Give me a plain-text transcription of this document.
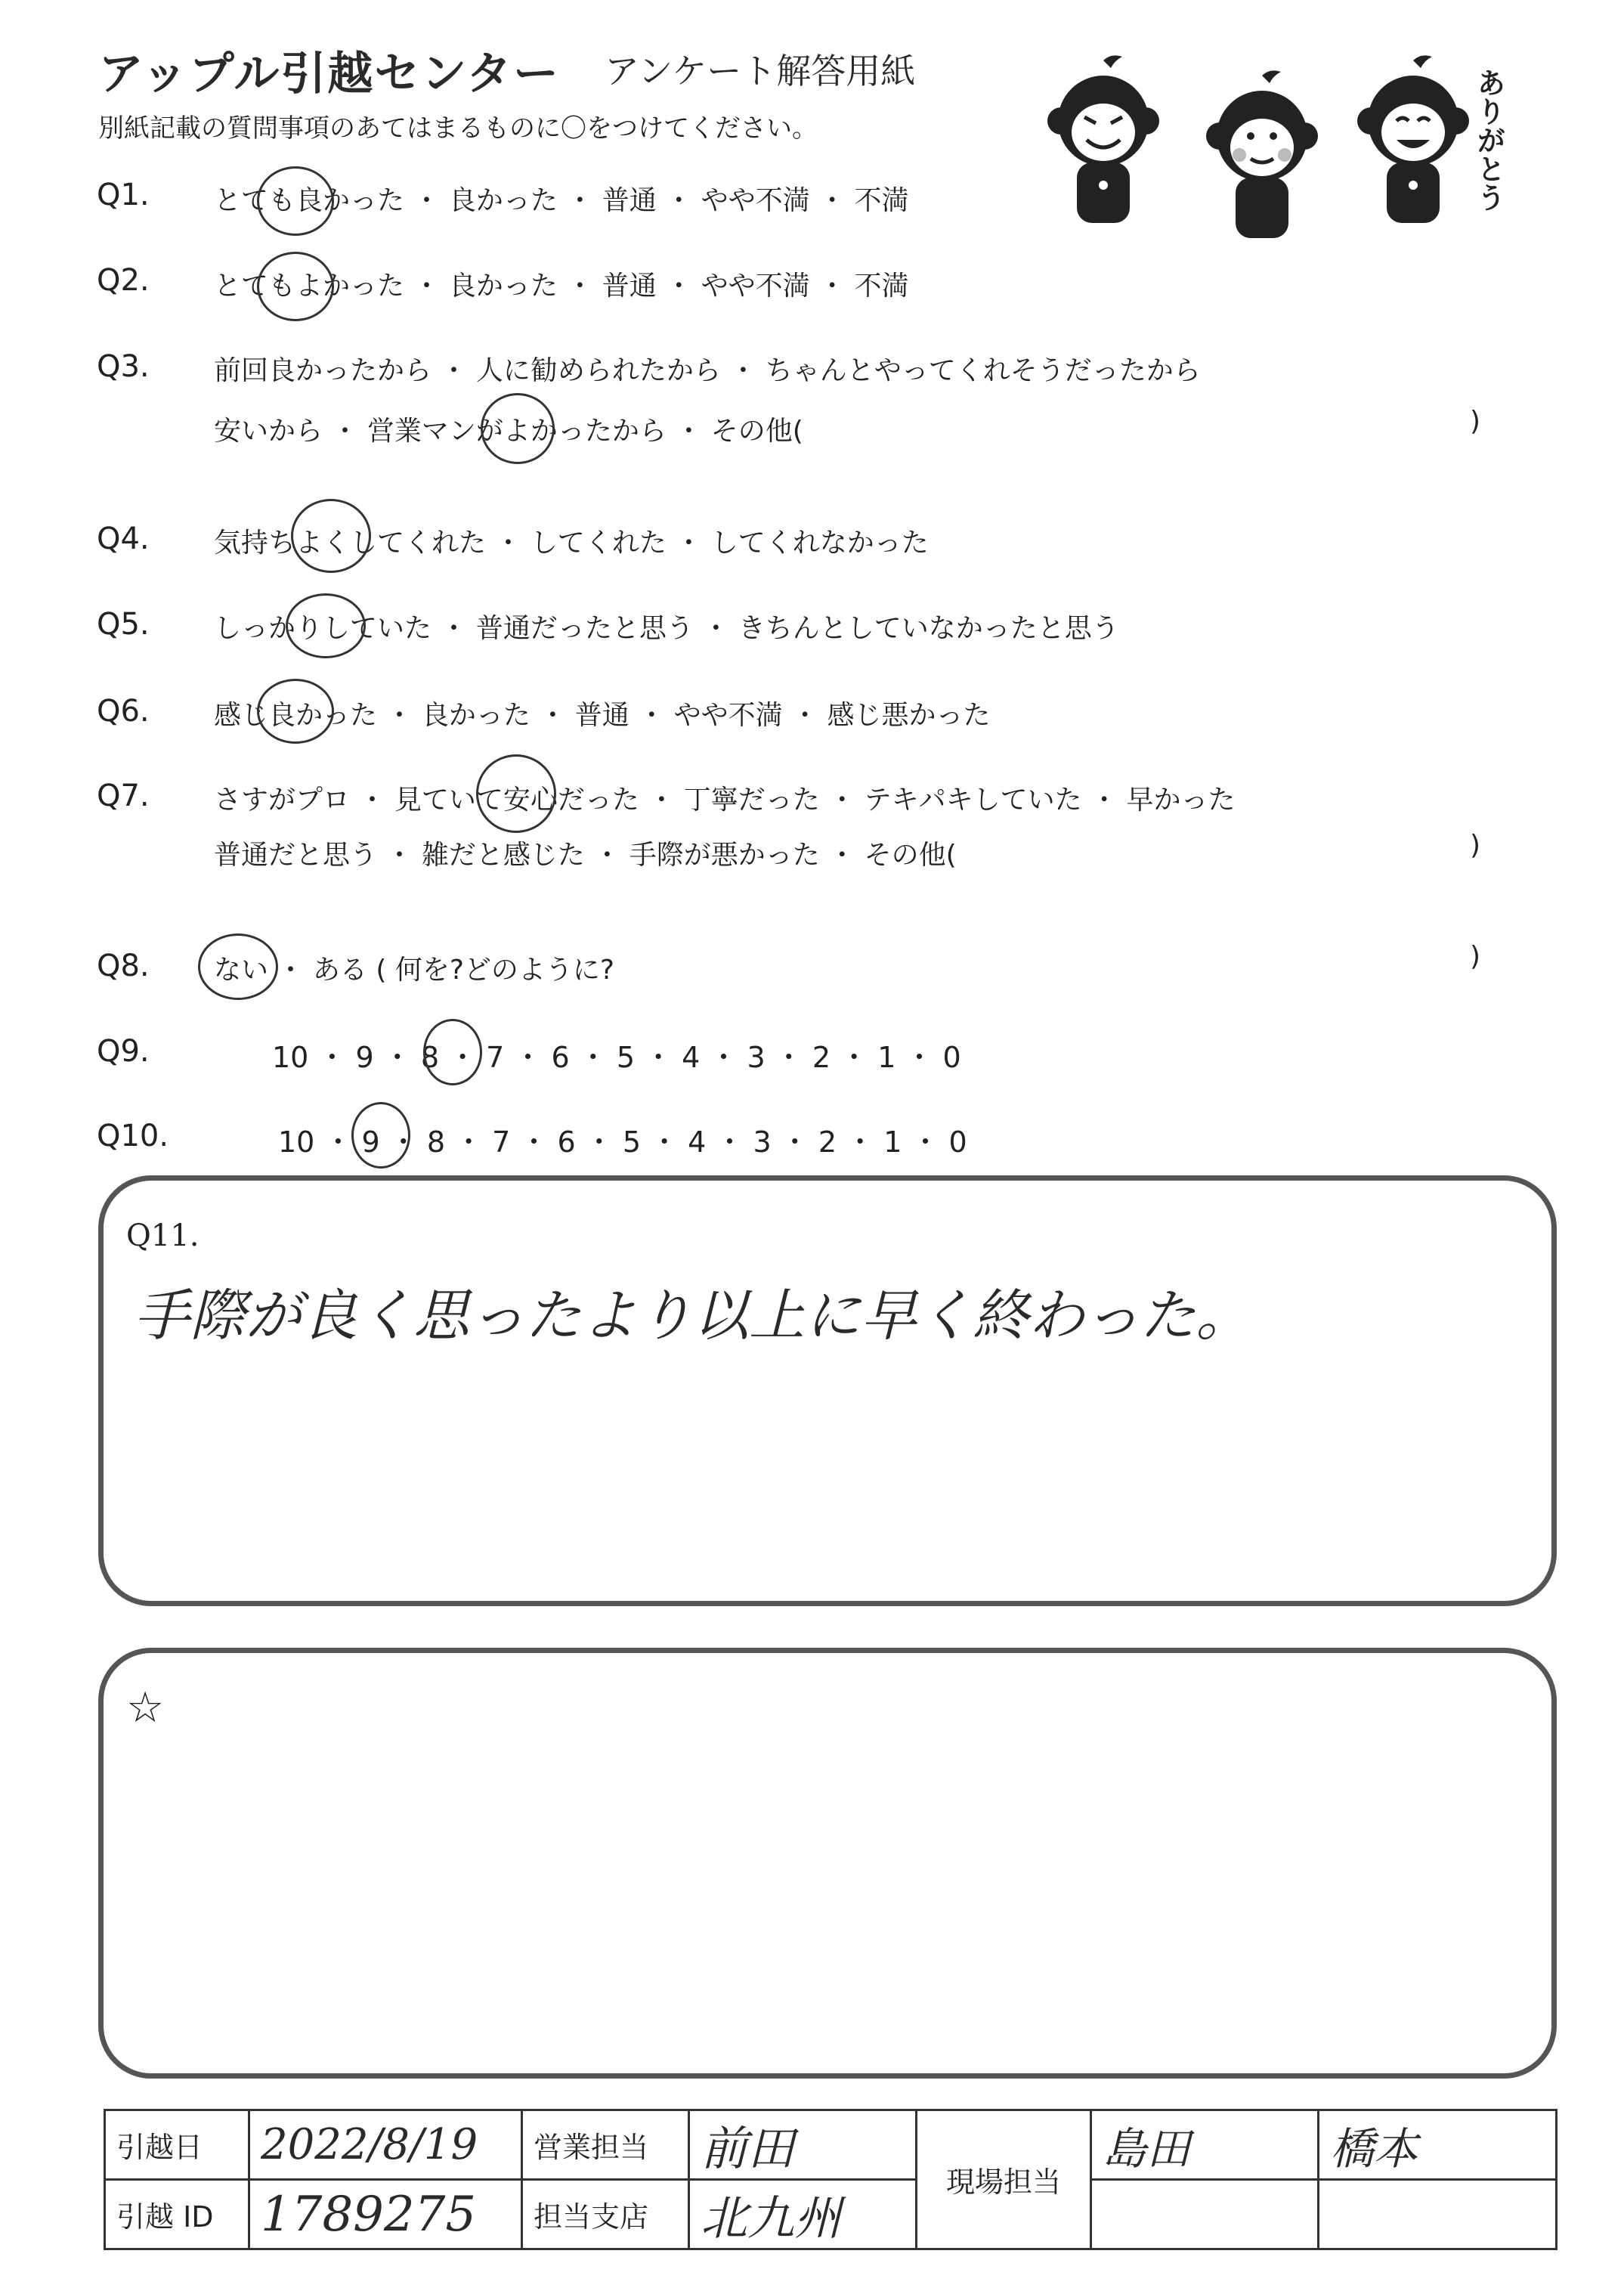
アップル引越センター アンケート解答用紙
別紙記載の質問事項のあてはまるものに〇をつけてください。	ありがとう
Q1. とても良かった ・ 良かった ・ 普通 ・ やや不満 ・ 不満
Q2. とてもよかった ・ 良かった ・ 普通 ・ やや不満 ・ 不満
Q3. 前回良かったから ・ 人に勧められたから ・ ちゃんとやってくれそうだったから
安いから ・ 営業マンがよかったから ・ その他(	)
Q4. 気持ちよくしてくれた ・ してくれた ・ してくれなかった
Q5. しっかりしていた ・ 普通だったと思う ・ きちんとしていなかったと思う
Q6. 感じ良かった ・ 良かった ・ 普通 ・ やや不満 ・ 感じ悪かった
Q7. さすがプロ ・ 見ていて安心だった ・ 丁寧だった ・ テキパキしていた ・ 早かった
普通だと思う ・ 雑だと感じた ・ 手際が悪かった ・ その他(	)
Q8. ない ・ ある ( 何を?どのように?	)
Q9.	10 ・ 9 ・ 8 ・ 7 ・ 6 ・ 5 ・ 4 ・ 3 ・ 2 ・ 1 ・ 0
Q10.	10 ・ 9 ・ 8 ・ 7 ・ 6 ・ 5 ・ 4 ・ 3 ・ 2 ・ 1 ・ 0
Q11.
手際が良く思ったより以上に早く終わった。
☆
引越日	2022/8/19	営業担当	前田	現場担当	島田	橋本
引越 ID	1789275	担当支店	北九州			
